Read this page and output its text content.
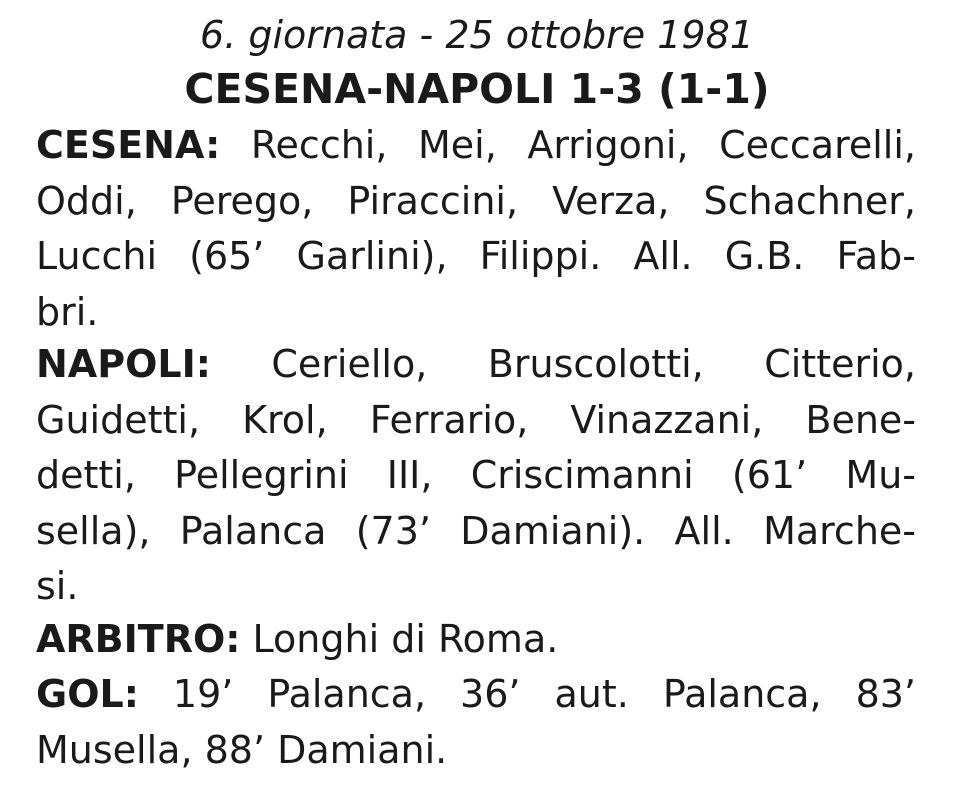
6. giornata - 25 ottobre 1981
CESENA-NAPOLI 1-3 (1-1)
CESENA: Recchi, Mei, Arrigoni, Ceccarelli,
Oddi, Perego, Piraccini, Verza, Schachner,
Lucchi (65’ Garlini), Filippi. All. G.B. Fab-
bri.
NAPOLI: Ceriello, Bruscolotti, Citterio,
Guidetti, Krol, Ferrario, Vinazzani, Bene-
detti, Pellegrini III, Criscimanni (61’ Mu-
sella), Palanca (73’ Damiani). All. Marche-
si.
ARBITRO: Longhi di Roma.
GOL: 19’ Palanca, 36’ aut. Palanca, 83’
Musella, 88’ Damiani.
